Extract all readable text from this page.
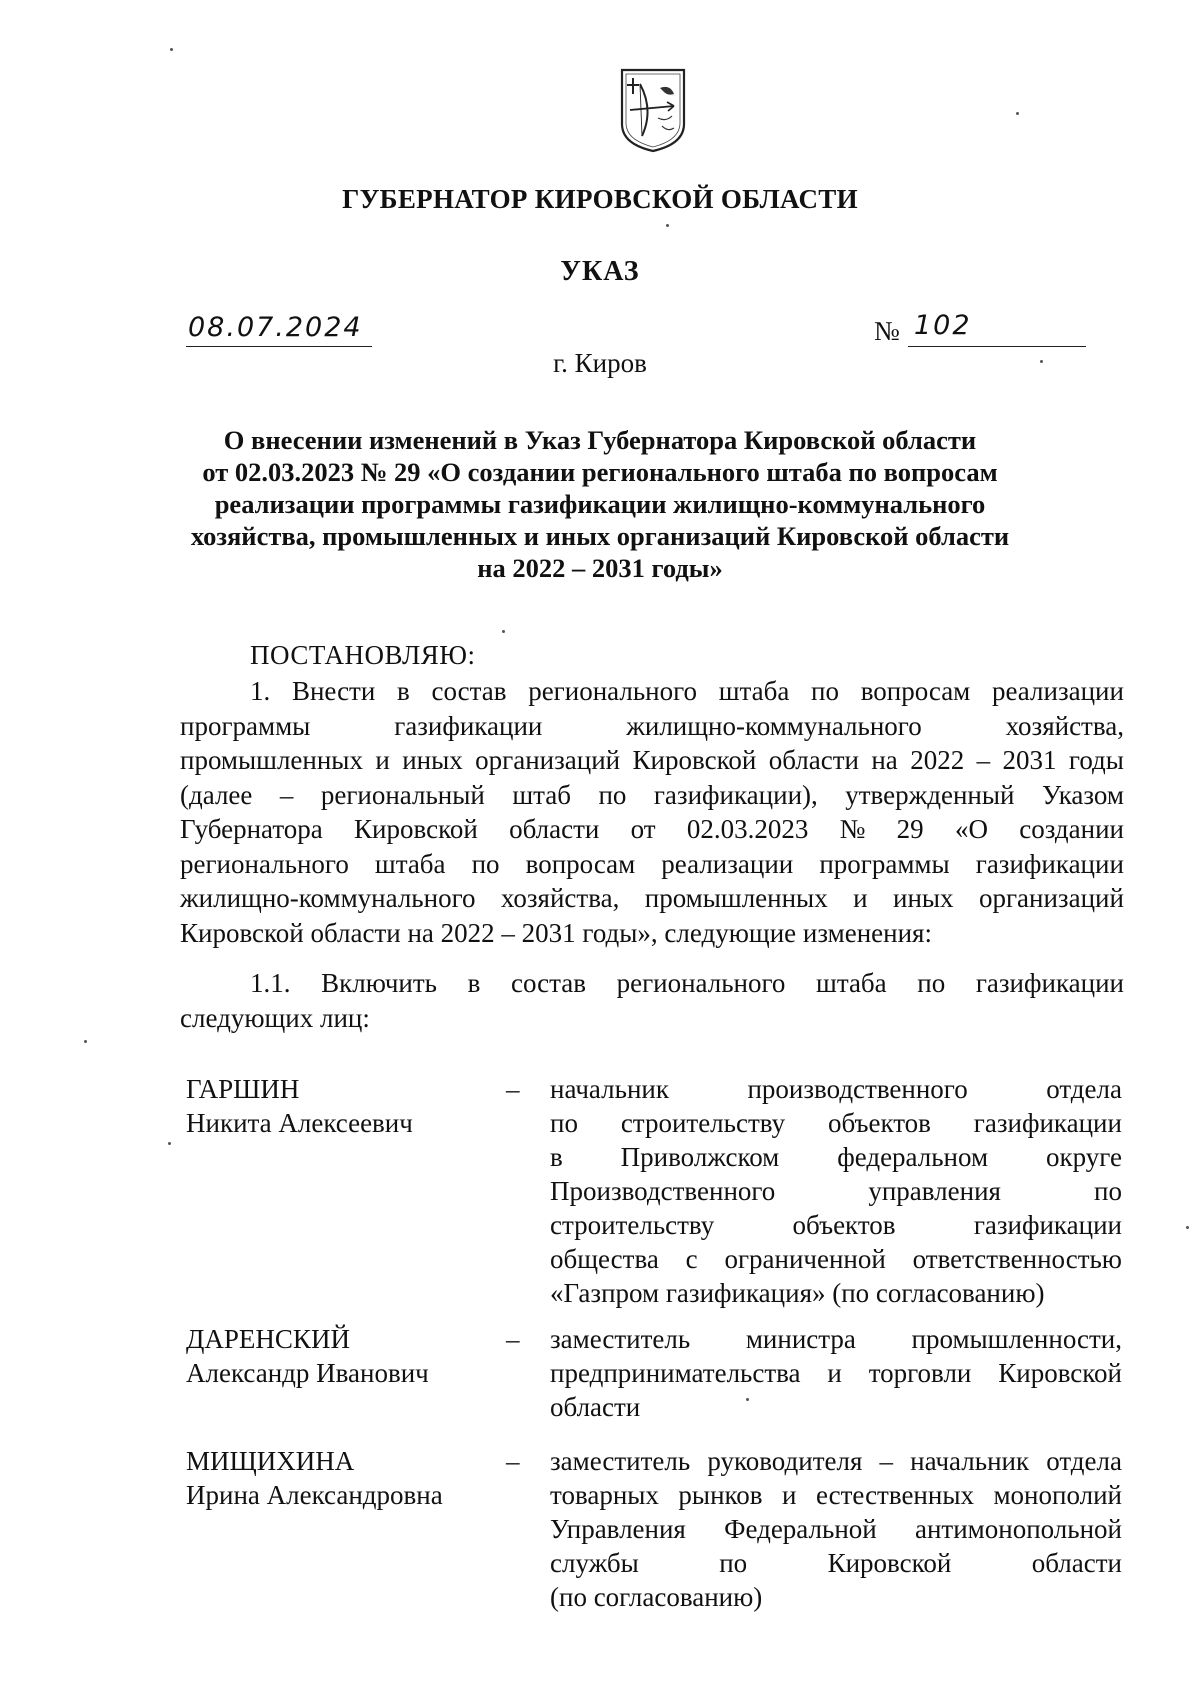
ГУБЕРНАТОР КИРОВСКОЙ ОБЛАСТИ
УКАЗ
08.07.2024	№ 102
г. Киров
О внесении изменений в Указ Губернатора Кировской области
от 02.03.2023 № 29 «О создании регионального штаба по вопросам
реализации программы газификации жилищно-коммунального
хозяйства, промышленных и иных организаций Кировской области
на 2022 – 2031 годы»
ПОСТАНОВЛЯЮ:
1. Внести в состав регионального штаба по вопросам реализации
программы	газификации	жилищно-коммунального	хозяйства,
промышленных и иных организаций Кировской области на 2022 – 2031 годы
(далее – региональный штаб по газификации), утвержденный Указом
Губернатора Кировской области от 02.03.2023 № 29 «О создании
регионального штаба по вопросам реализации программы газификации
жилищно-коммунального хозяйства, промышленных и иных организаций
Кировской области на 2022 – 2031 годы», следующие изменения:
1.1. Включить в состав регионального штаба по газификации
следующих лиц:
ГАРШИН
Никита Алексеевич
– начальник	производственного	отдела
по строительству объектов газификации
в Приволжском федеральном округе
Производственного	управления	по
строительству	объектов	газификации
общества с ограниченной ответственностью
«Газпром газификация» (по согласованию)
ДАРЕНСКИЙ
Александр Иванович
– заместитель министра промышленности,
предпринимательства и торговли Кировской
области
МИЩИХИНА
Ирина Александровна
– заместитель руководителя – начальник отдела
товарных рынков и естественных монополий
Управления Федеральной антимонопольной
службы	по	Кировской	области
(по согласованию)
